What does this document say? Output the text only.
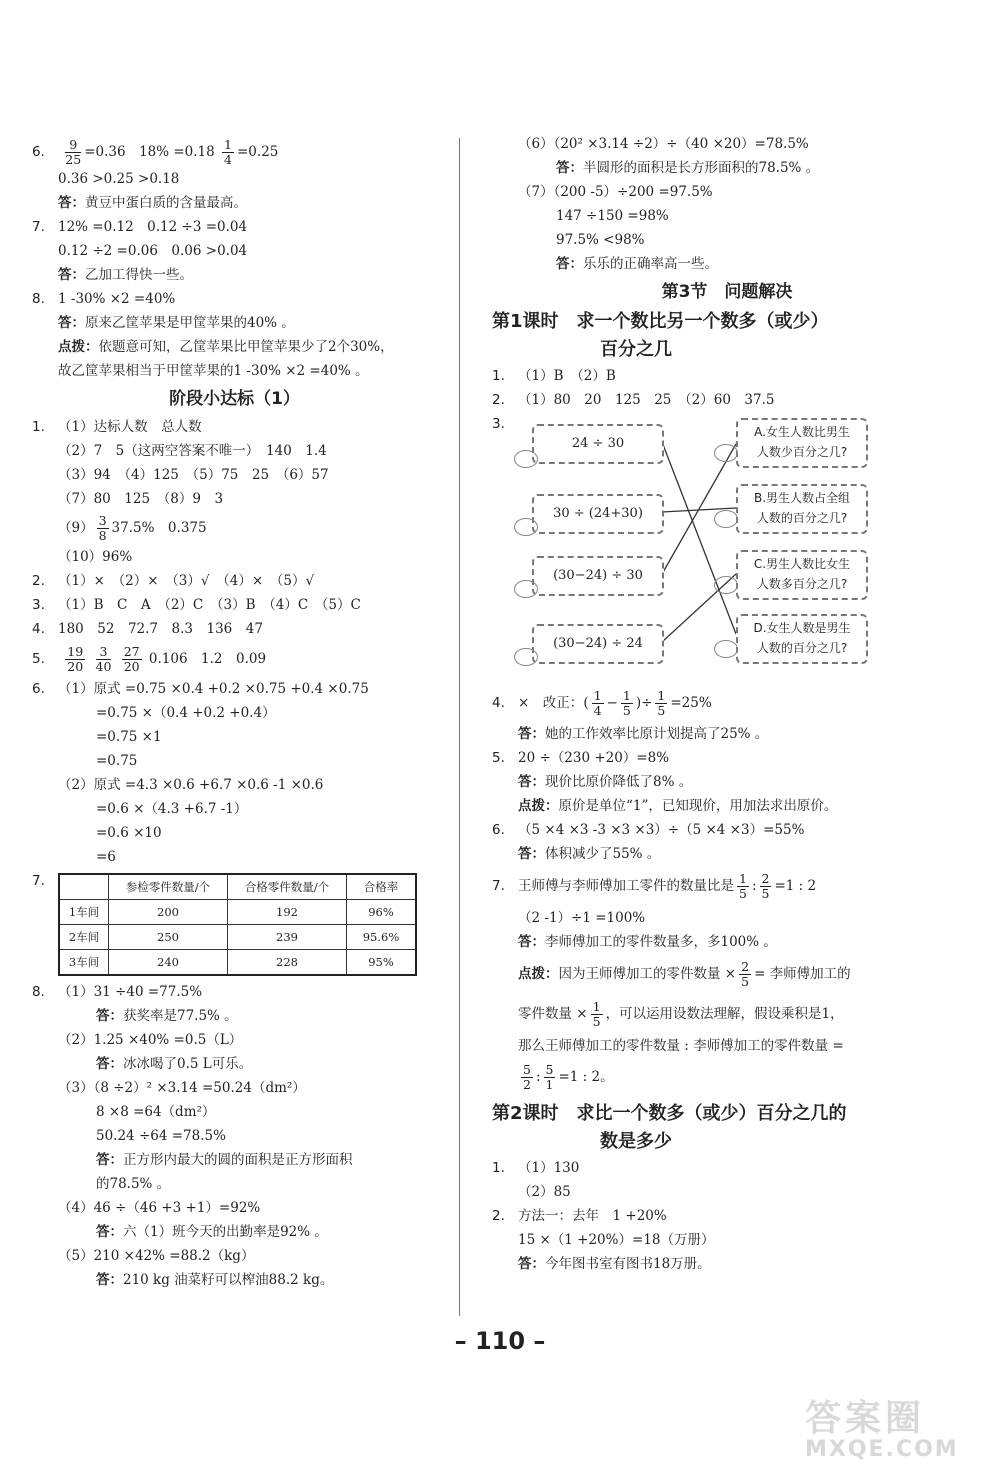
6. $\frac{9}{25} =0.36$　$18\% =0.18 \frac{1}{4} =0.25$
0.36 >0.25 >0.18
答：黄豆中蛋白质的含量最高。
7. 12% =0.12　0.12 ÷3 =0.04
0.12 ÷2 =0.06　0.06 >0.04
答：乙加工得快一些。
8. 1 -30% ×2 =40%
答：原来乙筐苹果是甲筐苹果的40% 。
点拨：依题意可知，乙筐苹果比甲筐苹果少了2个30%，
故乙筐苹果相当于甲筐苹果的1 -30% ×2 =40% 。
阶段小达标（1）
1. （1）达标人数　总人数
（2）7　5（这两空答案不唯一）　140　1.4
（3）94　（4）125　（5）75　25　（6）57
（7）80　125　（8）9　3
$(9) \frac{3}{8} 37.5\%$　0.375
（10）96%
2. （1）×　（2）×　（3）√　（4）×　（5）√
3. （1）B　C　A　（2）C　（3）B　（4）C　（5）C
4. 180　52　72.7　8.3　136　47
5. $\frac{19}{20}$
$\frac{3}{40}$
$\frac{27}{20} 0.106$　1.2　0.09
6. （1）原式 =0.75 ×0.4 +0.2 ×0.75 +0.4 ×0.75
=0.75 ×（0.4 +0.2 +0.4）
=0.75 ×1
=0.75
（2）原式 =4.3 ×0.6 +6.7 ×0.6 -1 ×0.6
=0.6 ×（4.3 +6.7 -1）
=0.6 ×10
=6
7.
		参检零件数量/个	合格零件数量/个	合格率
1车间	200	192	96%
2车间	250	239	95.6%
3车间	240	228	95%
8. （1）31 ÷40 =77.5%
答：获奖率是77.5% 。
（2）1.25 ×40% =0.5（L）
答：冰冰喝了0.5 L可乐。
（3）（8 ÷2）² ×3.14 =50.24（dm²）
8 ×8 =64（dm²）
50.24 ÷64 =78.5%
答：正方形内最大的圆的面积是正方形面积
的78.5% 。
（4）46 ÷（46 +3 +1）=92%
答：六（1）班今天的出勤率是92% 。
（5）210 ×42% =88.2（kg）
答：210 kg 油菜籽可以榨油88.2 kg。
（6）（20² ×3.14 ÷2）÷（40 ×20）=78.5%
答：半圆形的面积是长方形面积的78.5% 。
（7）（200 -5）÷200 =97.5%
147 ÷150 =98%
97.5% <98%
答：乐乐的正确率高一些。
第3节　问题解决
第1课时　求一个数比另一个数多（或少）
百分之几
1. （1）B　（2）B
2. （1）80　20　125　25　（2）60　37.5
3.
24 ÷ 30
30 ÷ (24+30)
(30−24) ÷ 30
(30−24) ÷ 24
A.女生人数比男生
人数少百分之几?
B.男生人数占全组
人数的百分之几?
C.男生人数比女生
人数多百分之几?
D.女生人数是男生
人数的百分之几?
4. ×　改正：( $\frac{1}{4} - \frac{1}{5}$ )÷ $\frac{1}{5} =25\%$
答：她的工作效率比原计划提高了25% 。
5. 20 ÷（230 +20）=8%
答：现价比原价降低了8% 。
点拨：原价是单位“1”，已知现价，用加法求出原价。
6. （5 ×4 ×3 -3 ×3 ×3）÷（5 ×4 ×3）=55%
答：体积减少了55% 。
7. 王师傅与李师傅加工零件的数量比是 $\frac{1}{5}$ : $\frac{2}{5} =1$ : 2
（2 -1）÷1 =100%
答：李师傅加工的零件数量多，多100% 。
点拨：因为王师傅加工的零件数量 × $\frac{2}{5}$ = 李师傅加工的
零件数量 × $\frac{1}{5}$ ，可以运用设数法理解，假设乘积是1，
那么王师傅加工的零件数量 : 李师傅加工的零件数量 =
$\frac{5}{2}$ : $\frac{5}{1} =1$ : 2。
第2课时　求比一个数多（或少）百分之几的
数是多少
1. （1）130
（2）85
2. 方法一：去年　1 +20%
15 ×（1 +20%）=18（万册）
答：今年图书室有图书18万册。
– 110 –
答案圈
MXQE.COM
